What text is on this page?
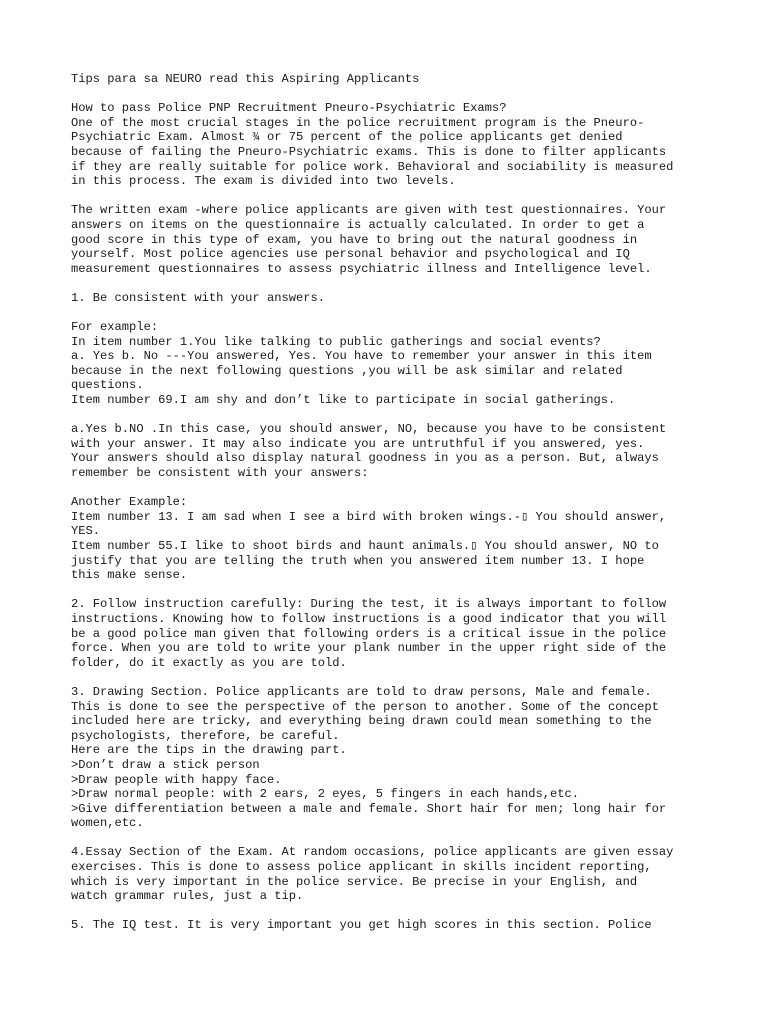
Tips para sa NEURO read this Aspiring Applicants
How to pass Police PNP Recruitment Pneuro-Psychiatric Exams?
One of the most crucial stages in the police recruitment program is the Pneuro-
Psychiatric Exam. Almost ¾ or 75 percent of the police applicants get denied
because of failing the Pneuro-Psychiatric exams. This is done to filter applicants
if they are really suitable for police work. Behavioral and sociability is measured
in this process. The exam is divided into two levels.
The written exam -where police applicants are given with test questionnaires. Your
answers on items on the questionnaire is actually calculated. In order to get a
good score in this type of exam, you have to bring out the natural goodness in
yourself. Most police agencies use personal behavior and psychological and IQ
measurement questionnaires to assess psychiatric illness and Intelligence level.
1. Be consistent with your answers.
For example:
In item number 1.You like talking to public gatherings and social events?
a. Yes b. No ---You answered, Yes. You have to remember your answer in this item
because in the next following questions ,you will be ask similar and related
questions.
Item number 69.I am shy and don’t like to participate in social gatherings.
a.Yes b.NO .In this case, you should answer, NO, because you have to be consistent
with your answer. It may also indicate you are untruthful if you answered, yes.
Your answers should also display natural goodness in you as a person. But, always
remember be consistent with your answers:
Another Example:
Item number 13. I am sad when I see a bird with broken wings.-▯ You should answer,
YES.
Item number 55.I like to shoot birds and haunt animals.▯ You should answer, NO to
justify that you are telling the truth when you answered item number 13. I hope
this make sense.
2. Follow instruction carefully: During the test, it is always important to follow
instructions. Knowing how to follow instructions is a good indicator that you will
be a good police man given that following orders is a critical issue in the police
force. When you are told to write your plank number in the upper right side of the
folder, do it exactly as you are told.
3. Drawing Section. Police applicants are told to draw persons, Male and female.
This is done to see the perspective of the person to another. Some of the concept
included here are tricky, and everything being drawn could mean something to the
psychologists, therefore, be careful.
Here are the tips in the drawing part.
>Don’t draw a stick person
>Draw people with happy face.
>Draw normal people: with 2 ears, 2 eyes, 5 fingers in each hands,etc.
>Give differentiation between a male and female. Short hair for men; long hair for
women,etc.
4.Essay Section of the Exam. At random occasions, police applicants are given essay
exercises. This is done to assess police applicant in skills incident reporting,
which is very important in the police service. Be precise in your English, and
watch grammar rules, just a tip.
5. The IQ test. It is very important you get high scores in this section. Police
